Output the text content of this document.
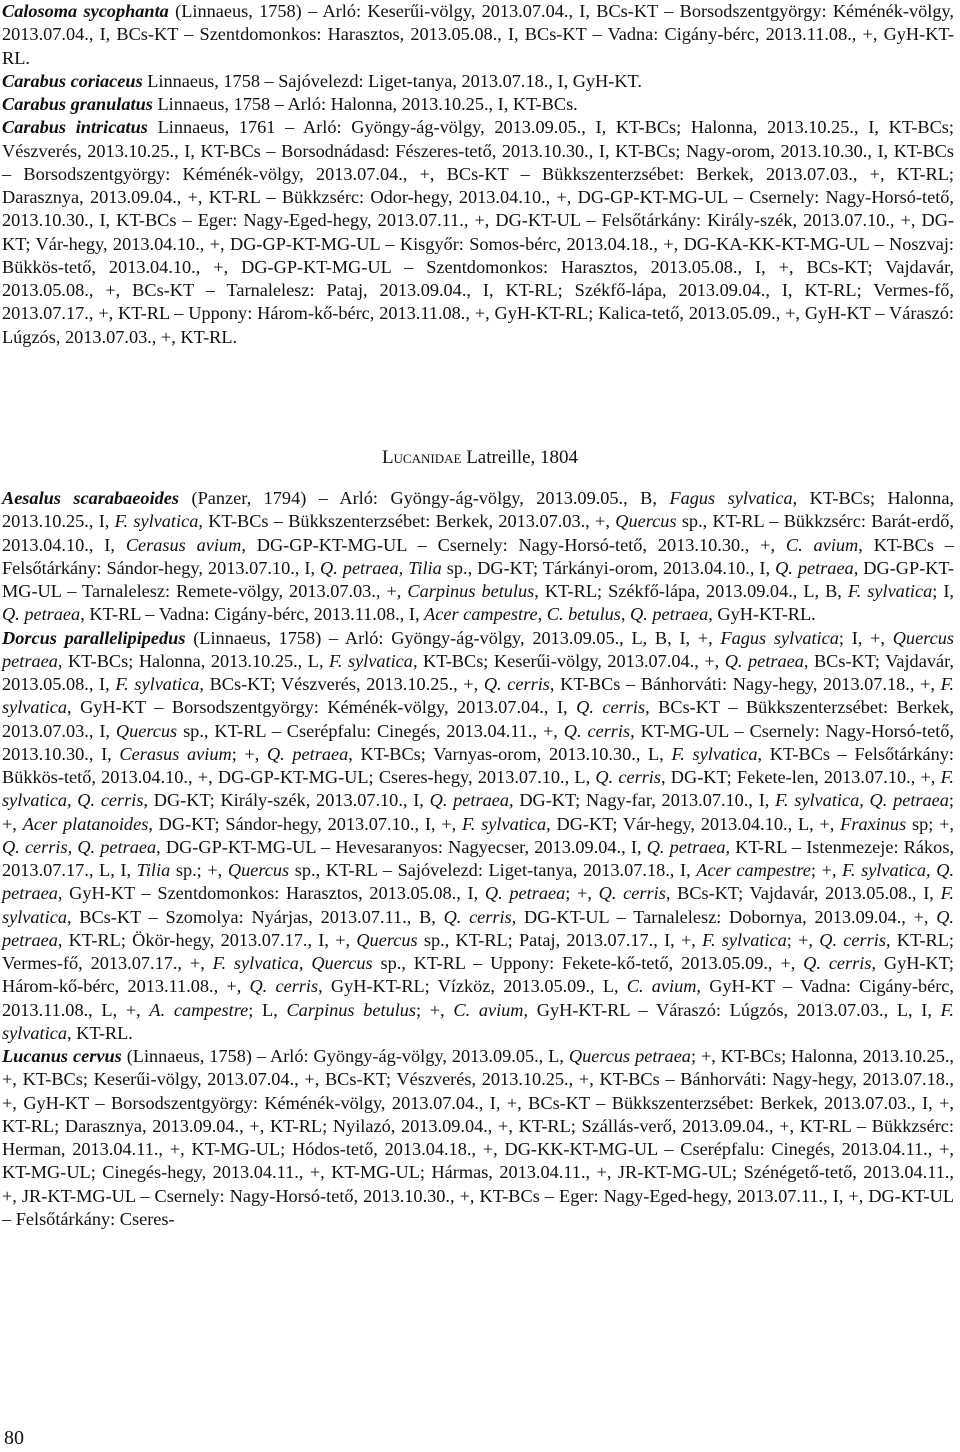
Calosoma sycophanta (Linnaeus, 1758) – Arló: Keserűi-völgy, 2013.07.04., I, BCs-KT – Borsodszentgyörgy: Kéménék-völgy, 2013.07.04., I, BCs-KT – Szentdomonkos: Harasztos, 2013.05.08., I, BCs-KT – Vadna: Cigány-bérc, 2013.11.08., +, GyH-KT-RL.

Carabus coriaceus Linnaeus, 1758 – Sajóvelezd: Liget-tanya, 2013.07.18., I, GyH-KT.

Carabus granulatus Linnaeus, 1758 – Arló: Halonna, 2013.10.25., I, KT-BCs.

Carabus intricatus Linnaeus, 1761 – Arló: Gyöngy-ág-völgy, 2013.09.05., I, KT-BCs; Halonna, 2013.10.25., I, KT-BCs; Vészverés, 2013.10.25., I, KT-BCs – Borsodnádasd: Fészeres-tető, 2013.10.30., I, KT-BCs; Nagy-orom, 2013.10.30., I, KT-BCs – Borsodszentgyörgy: Kéménék-völgy, 2013.07.04., +, BCs-KT – Bükkszenterzsébet: Berkek, 2013.07.03., +, KT-RL; Darasznya, 2013.09.04., +, KT-RL – Bükkzsérc: Odor-hegy, 2013.04.10., +, DG-GP-KT-MG-UL – Csernely: Nagy-Horsó-tető, 2013.10.30., I, KT-BCs – Eger: Nagy-Eged-hegy, 2013.07.11., +, DG-KT-UL – Felsőtárkány: Király-szék, 2013.07.10., +, DG-KT; Vár-hegy, 2013.04.10., +, DG-GP-KT-MG-UL – Kisgyőr: Somos-bérc, 2013.04.18., +, DG-KA-KK-KT-MG-UL – Noszvaj: Bükkös-tető, 2013.04.10., +, DG-GP-KT-MG-UL – Szentdomonkos: Harasztos, 2013.05.08., I, +, BCs-KT; Vajdavár, 2013.05.08., +, BCs-KT – Tarnalelesz: Pataj, 2013.09.04., I, KT-RL; Székfő-lápa, 2013.09.04., I, KT-RL; Vermes-fő, 2013.07.17., +, KT-RL – Uppony: Három-kő-bérc, 2013.11.08., +, GyH-KT-RL; Kalica-tető, 2013.05.09., +, GyH-KT – Váraszó: Lúgzós, 2013.07.03., +, KT-RL.

Lucanidae Latreille, 1804

Aesalus scarabaeoides (Panzer, 1794) – Arló: Gyöngy-ág-völgy, 2013.09.05., B, Fagus sylvatica, KT-BCs; Halonna, 2013.10.25., I, F. sylvatica, KT-BCs – Bükkszenterzsébet: Berkek, 2013.07.03., +, Quercus sp., KT-RL – Bükkzsérc: Barát-erdő, 2013.04.10., I, Cerasus avium, DG-GP-KT-MG-UL – Csernely: Nagy-Horsó-tető, 2013.10.30., +, C. avium, KT-BCs – Felsőtárkány: Sándor-hegy, 2013.07.10., I, Q. petraea, Tilia sp., DG-KT; Tárkányi-orom, 2013.04.10., I, Q. petraea, DG-GP-KT-MG-UL – Tarnalelesz: Remete-völgy, 2013.07.03., +, Carpinus betulus, KT-RL; Székfő-lápa, 2013.09.04., L, B, F. sylvatica; I, Q. petraea, KT-RL – Vadna: Cigány-bérc, 2013.11.08., I, Acer campestre, C. betulus, Q. petraea, GyH-KT-RL.

Dorcus parallelipipedus (Linnaeus, 1758) – Arló: Gyöngy-ág-völgy, 2013.09.05., L, B, I, +, Fagus sylvatica; I, +, Quercus petraea, KT-BCs; Halonna, 2013.10.25., L, F. sylvatica, KT-BCs; Keserűi-völgy, 2013.07.04., +, Q. petraea, BCs-KT; Vajdavár, 2013.05.08., I, F. sylvatica, BCs-KT; Vészverés, 2013.10.25., +, Q. cerris, KT-BCs – Bánhorváti: Nagy-hegy, 2013.07.18., +, F. sylvatica, GyH-KT – Borsodszentgyörgy: Kéménék-völgy, 2013.07.04., I, Q. cerris, BCs-KT – Bükkszenterzsébet: Berkek, 2013.07.03., I, Quercus sp., KT-RL – Cserépfalu: Cinegés, 2013.04.11., +, Q. cerris, KT-MG-UL – Csernely: Nagy-Horsó-tető, 2013.10.30., I, Cerasus avium; +, Q. petraea, KT-BCs; Varnyas-orom, 2013.10.30., L, F. sylvatica, KT-BCs – Felsőtárkány: Bükkös-tető, 2013.04.10., +, DG-GP-KT-MG-UL; Cseres-hegy, 2013.07.10., L, Q. cerris, DG-KT; Fekete-len, 2013.07.10., +, F. sylvatica, Q. cerris, DG-KT; Király-szék, 2013.07.10., I, Q. petraea, DG-KT; Nagy-far, 2013.07.10., I, F. sylvatica, Q. petraea; +, Acer platanoides, DG-KT; Sándor-hegy, 2013.07.10., I, +, F. sylvatica, DG-KT; Vár-hegy, 2013.04.10., L, +, Fraxinus sp; +, Q. cerris, Q. petraea, DG-GP-KT-MG-UL – Hevesaranyos: Nagyecser, 2013.09.04., I, Q. petraea, KT-RL – Istenmezeje: Rákos, 2013.07.17., L, I, Tilia sp.; +, Quercus sp., KT-RL – Sajóvelezd: Liget-tanya, 2013.07.18., I, Acer campestre; +, F. sylvatica, Q. petraea, GyH-KT – Szentdomonkos: Harasztos, 2013.05.08., I, Q. petraea; +, Q. cerris, BCs-KT; Vajdavár, 2013.05.08., I, F. sylvatica, BCs-KT – Szomolya: Nyárjas, 2013.07.11., B, Q. cerris, DG-KT-UL – Tarnalelesz: Dobornya, 2013.09.04., +, Q. petraea, KT-RL; Ökör-hegy, 2013.07.17., I, +, Quercus sp., KT-RL; Pataj, 2013.07.17., I, +, F. sylvatica; +, Q. cerris, KT-RL; Vermes-fő, 2013.07.17., +, F. sylvatica, Quercus sp., KT-RL – Uppony: Fekete-kő-tető, 2013.05.09., +, Q. cerris, GyH-KT; Három-kő-bérc, 2013.11.08., +, Q. cerris, GyH-KT-RL; Vízköz, 2013.05.09., L, C. avium, GyH-KT – Vadna: Cigány-bérc, 2013.11.08., L, +, A. campestre; L, Carpinus betulus; +, C. avium, GyH-KT-RL – Váraszó: Lúgzós, 2013.07.03., L, I, F. sylvatica, KT-RL.

Lucanus cervus (Linnaeus, 1758) – Arló: Gyöngy-ág-völgy, 2013.09.05., L, Quercus petraea; +, KT-BCs; Halonna, 2013.10.25., +, KT-BCs; Keserűi-völgy, 2013.07.04., +, BCs-KT; Vészverés, 2013.10.25., +, KT-BCs – Bánhorváti: Nagy-hegy, 2013.07.18., +, GyH-KT – Borsodszentgyörgy: Kéménék-völgy, 2013.07.04., I, +, BCs-KT – Bükkszenterzsébet: Berkek, 2013.07.03., I, +, KT-RL; Darasznya, 2013.09.04., +, KT-RL; Nyilazó, 2013.09.04., +, KT-RL; Szállás-verő, 2013.09.04., +, KT-RL – Bükkzsérc: Herman, 2013.04.11., +, KT-MG-UL; Hódos-tető, 2013.04.18., +, DG-KK-KT-MG-UL – Cserépfalu: Cinegés, 2013.04.11., +, KT-MG-UL; Cinegés-hegy, 2013.04.11., +, KT-MG-UL; Hármas, 2013.04.11., +, JR-KT-MG-UL; Szénégető-tető, 2013.04.11., +, JR-KT-MG-UL – Csernely: Nagy-Horsó-tető, 2013.10.30., +, KT-BCs – Eger: Nagy-Eged-hegy, 2013.07.11., I, +, DG-KT-UL – Felsőtárkány: Cseres-

80
